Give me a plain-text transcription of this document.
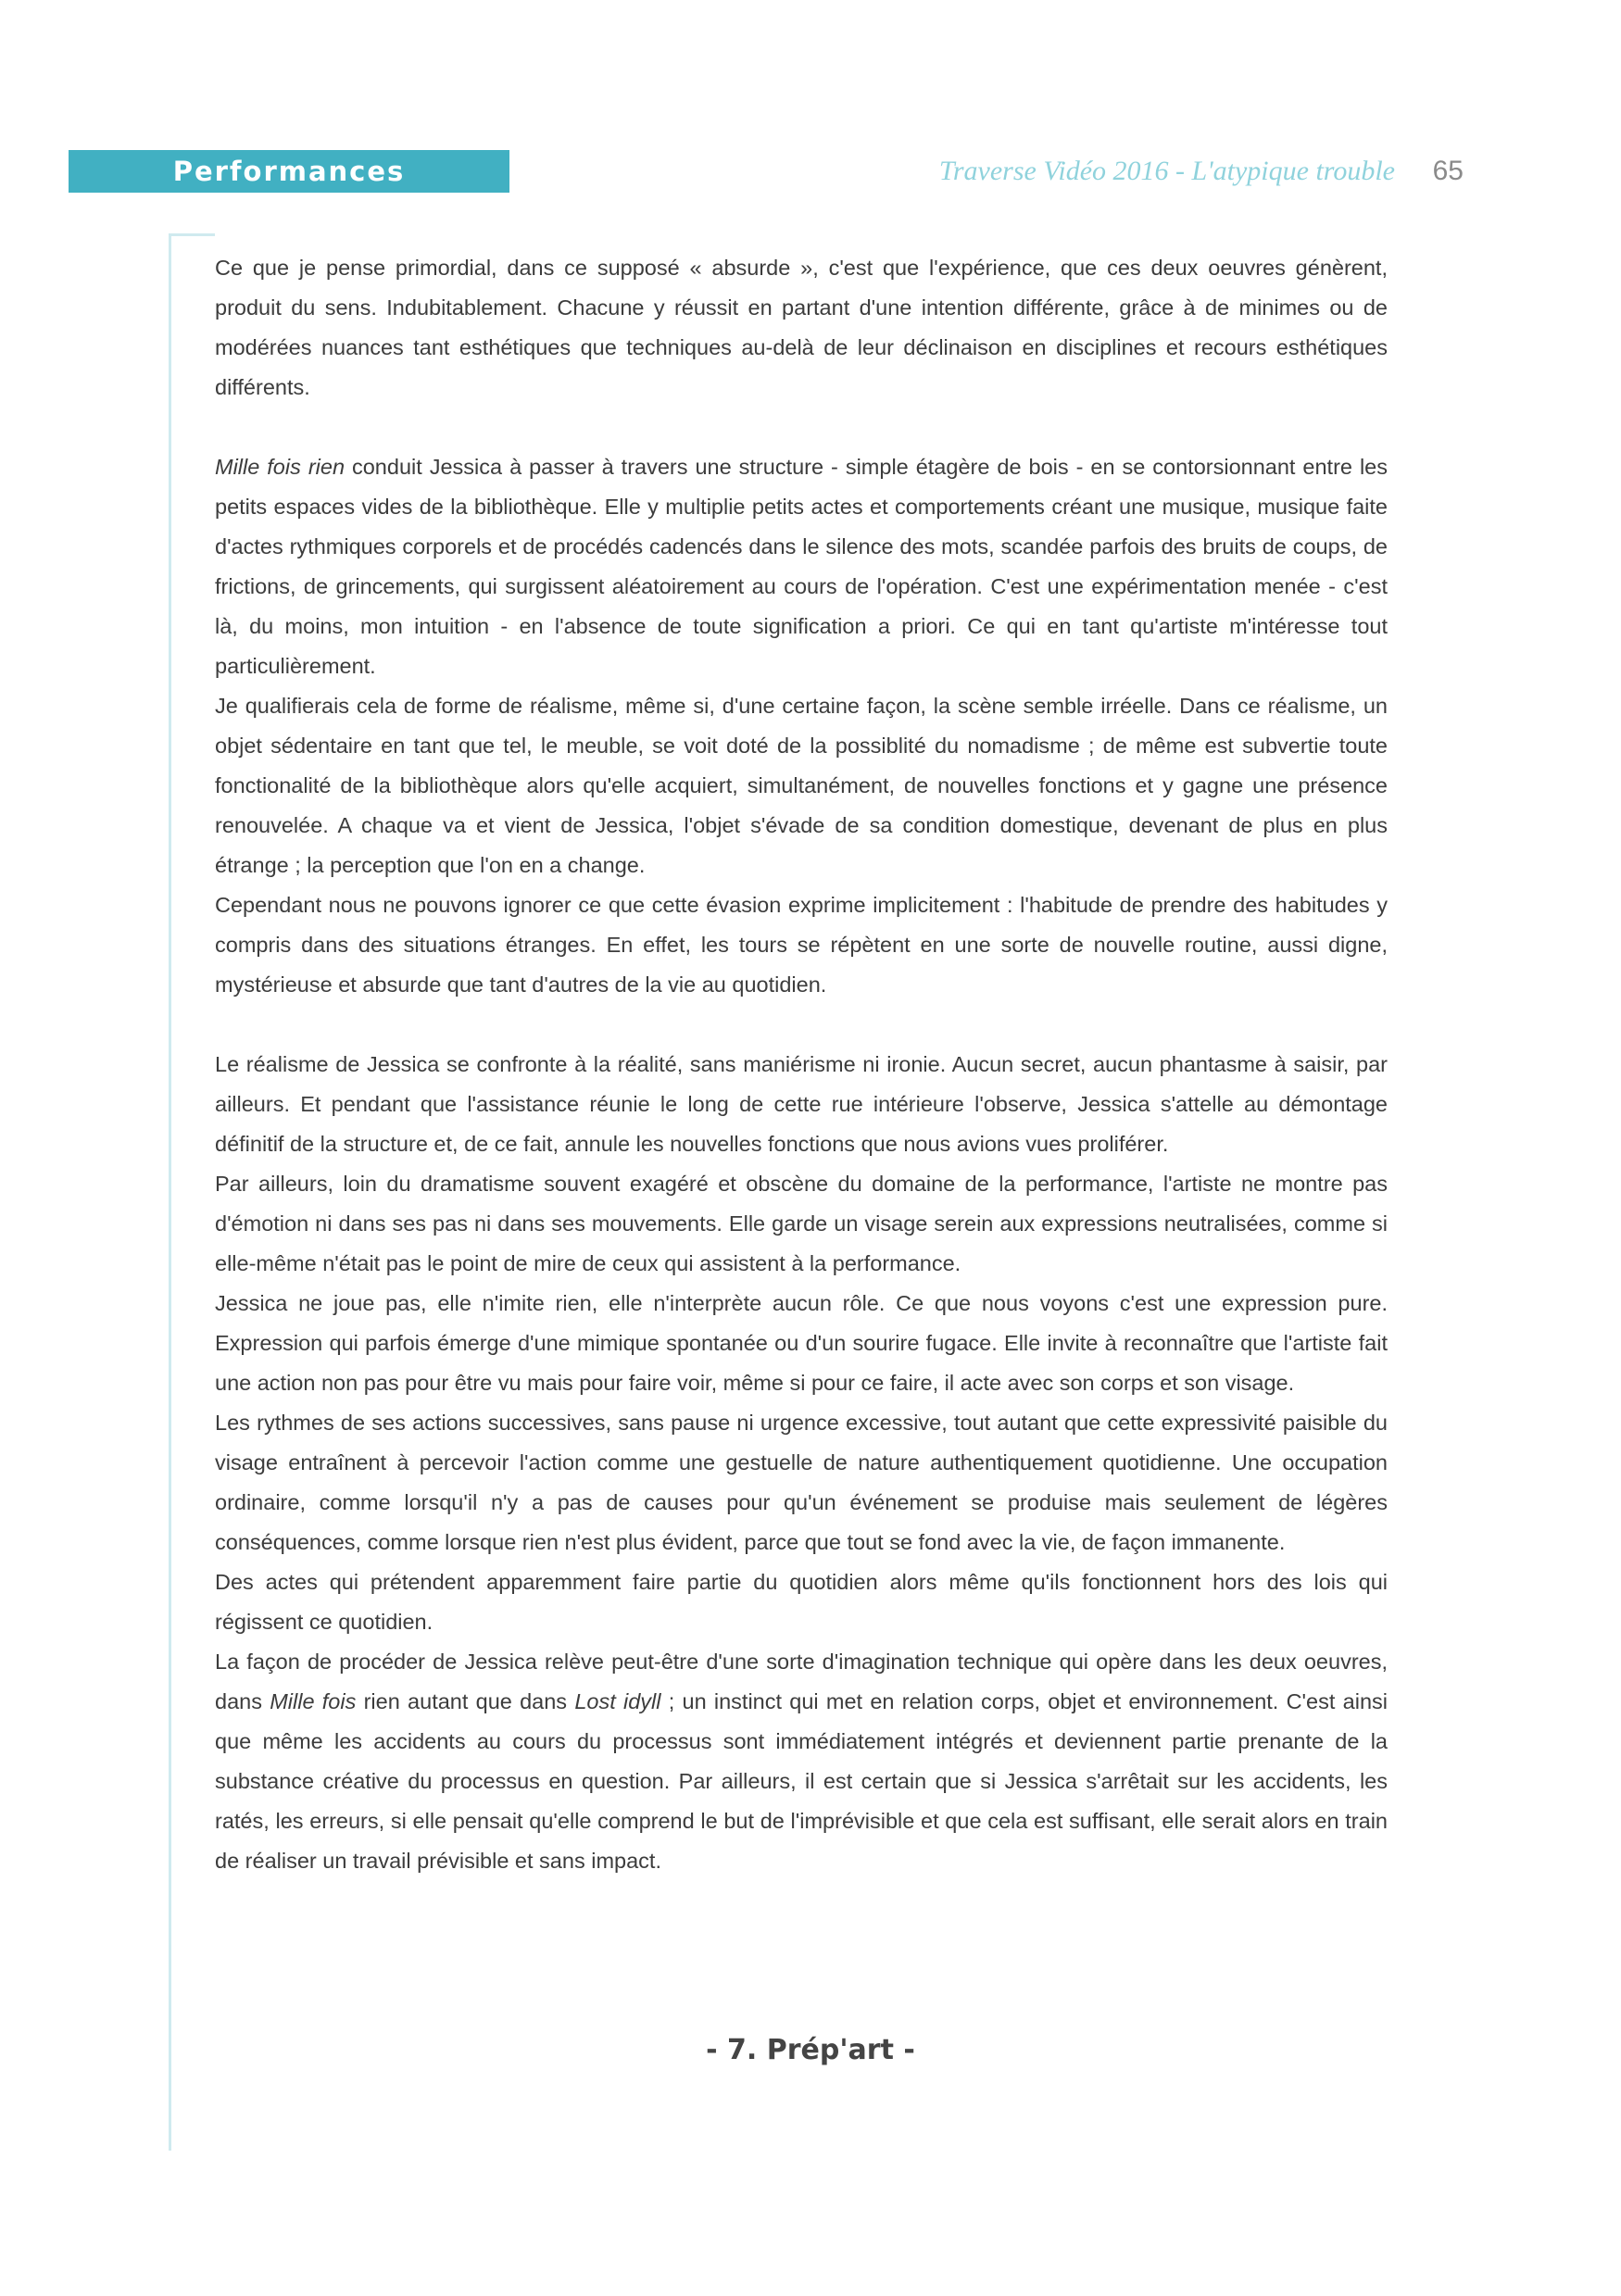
Performances	Traverse Vidéo 2016 - L'atypique trouble 65

Ce que je pense primordial, dans ce supposé « absurde », c'est que l'expérience, que ces deux oeuvres génèrent, produit du sens. Indubitablement. Chacune y réussit en partant d'une intention différente, grâce à de minimes ou de modérées nuances tant esthétiques que techniques au-delà de leur déclinaison en disciplines et recours esthétiques différents.

Mille fois rien conduit Jessica à passer à travers une structure - simple étagère de bois - en se contorsionnant entre les petits espaces vides de la bibliothèque. Elle y multiplie petits actes et comportements créant une musique, musique faite d'actes rythmiques corporels et de procédés cadencés dans le silence des mots, scandée parfois des bruits de coups, de frictions, de grincements, qui surgissent aléatoirement au cours de l'opération. C'est une expérimentation menée - c'est là, du moins, mon intuition - en l'absence de toute signification a priori. Ce qui en tant qu'artiste m'intéresse tout particulièrement.

Je qualifierais cela de forme de réalisme, même si, d'une certaine façon, la scène semble irréelle. Dans ce réalisme, un objet sédentaire en tant que tel, le meuble, se voit doté de la possiblité du nomadisme ; de même est subvertie toute fonctionalité de la bibliothèque alors qu'elle acquiert, simultanément, de nouvelles fonctions et y gagne une présence renouvelée. A chaque va et vient de Jessica, l'objet s'évade de sa condition domestique, devenant de plus en plus étrange ; la perception que l'on en a change.

Cependant nous ne pouvons ignorer ce que cette évasion exprime implicitement : l'habitude de prendre des habitudes y compris dans des situations étranges. En effet, les tours se répètent en une sorte de nouvelle routine, aussi digne, mystérieuse et absurde que tant d'autres de la vie au quotidien.

Le réalisme de Jessica se confronte à la réalité, sans maniérisme ni ironie. Aucun secret, aucun phantasme à saisir, par ailleurs. Et pendant que l'assistance réunie le long de cette rue intérieure l'observe, Jessica s'attelle au démontage définitif de la structure et, de ce fait, annule les nouvelles fonctions que nous avions vues proliférer.

Par ailleurs, loin du dramatisme souvent exagéré et obscène du domaine de la performance, l'artiste ne montre pas d'émotion ni dans ses pas ni dans ses mouvements. Elle garde un visage serein aux expressions neutralisées, comme si elle-même n'était pas le point de mire de ceux qui assistent à la performance.

Jessica ne joue pas, elle n'imite rien, elle n'interprète aucun rôle. Ce que nous voyons c'est une expression pure. Expression qui parfois émerge d'une mimique spontanée ou d'un sourire fugace. Elle invite à reconnaître que l'artiste fait une action non pas pour être vu mais pour faire voir, même si pour ce faire, il acte avec son corps et son visage.

Les rythmes de ses actions successives, sans pause ni urgence excessive, tout autant que cette expressivité paisible du visage entraînent à percevoir l'action comme une gestuelle de nature authentiquement quotidienne. Une occupation ordinaire, comme lorsqu'il n'y a pas de causes pour qu'un événement se produise mais seulement de légères conséquences, comme lorsque rien n'est plus évident, parce que tout se fond avec la vie, de façon immanente.

Des actes qui prétendent apparemment faire partie du quotidien alors même qu'ils fonctionnent hors des lois qui régissent ce quotidien.

La façon de procéder de Jessica relève peut-être d'une sorte d'imagination technique qui opère dans les deux oeuvres, dans Mille fois rien autant que dans Lost idyll ; un instinct qui met en relation corps, objet et environnement. C'est ainsi que même les accidents au cours du processus sont immédiatement intégrés et deviennent partie prenante de la substance créative du processus en question. Par ailleurs, il est certain que si Jessica s'arrêtait sur les accidents, les ratés, les erreurs, si elle pensait qu'elle comprend le but de l'imprévisible et que cela est suffisant, elle serait alors en train de réaliser un travail prévisible et sans impact.

- 7. Prép'art -
